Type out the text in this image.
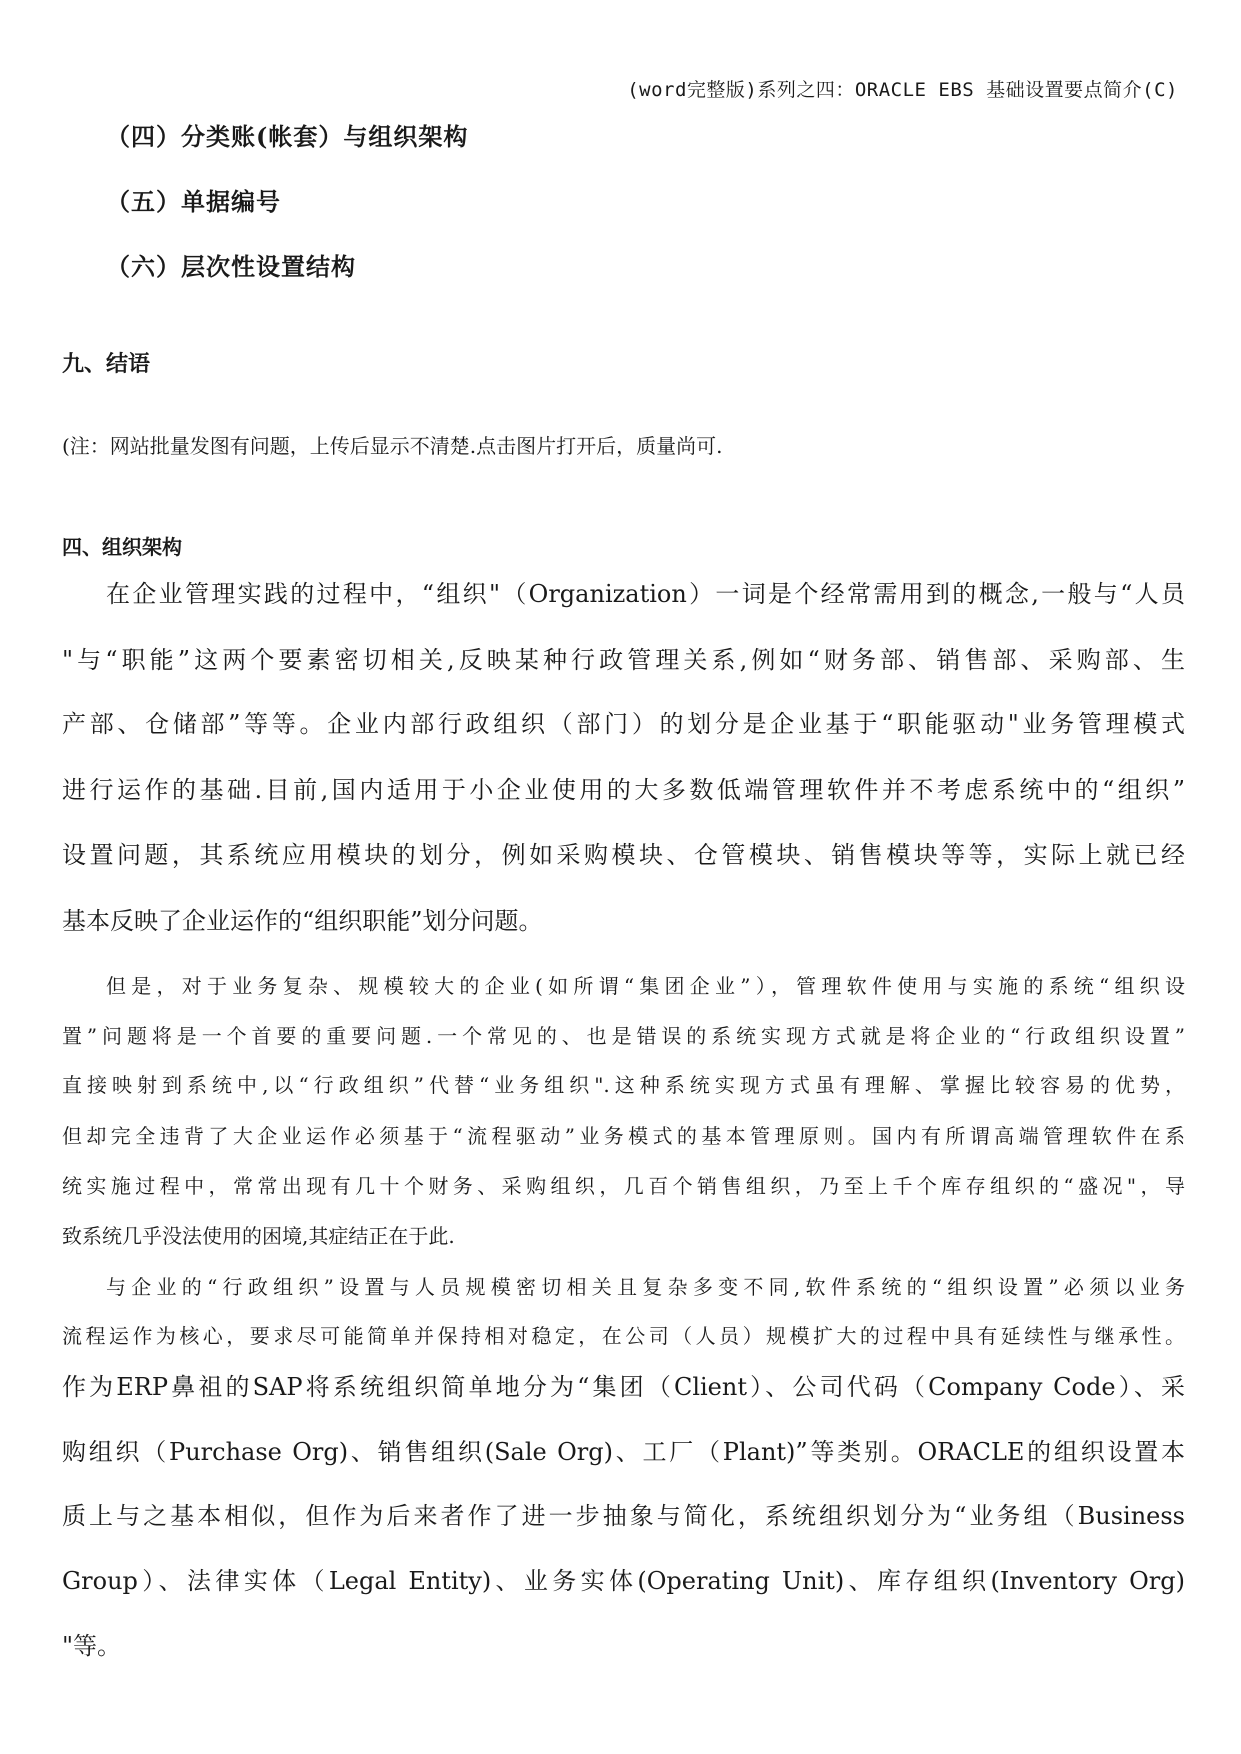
(word完整版)系列之四：ORACLE EBS 基础设置要点简介(C)
（四）分类账(帐套）与组织架构
（五）单据编号
（六）层次性设置结构
九、结语
(注：网站批量发图有问题，上传后显示不清楚.点击图片打开后，质量尚可.
四、组织架构
在企业管理实践的过程中，“组织"（Organization）一词是个经常需用到的概念,一般与“人员
"与“职能”这两个要素密切相关,反映某种行政管理关系,例如“财务部、销售部、采购部、生
产部、仓储部”等等。企业内部行政组织（部门）的划分是企业基于“职能驱动"业务管理模式
进行运作的基础.目前,国内适用于小企业使用的大多数低端管理软件并不考虑系统中的“组织”
设置问题，其系统应用模块的划分，例如采购模块、仓管模块、销售模块等等，实际上就已经
基本反映了企业运作的“组织职能”划分问题。
但是，对于业务复杂、规模较大的企业(如所谓“集团企业”），管理软件使用与实施的系统“组织设
置”问题将是一个首要的重要问题.一个常见的、也是错误的系统实现方式就是将企业的“行政组织设置”
直接映射到系统中,以“行政组织”代替“业务组织".这种系统实现方式虽有理解、掌握比较容易的优势，
但却完全违背了大企业运作必须基于“流程驱动”业务模式的基本管理原则。国内有所谓高端管理软件在系
统实施过程中，常常出现有几十个财务、采购组织，几百个销售组织，乃至上千个库存组织的“盛况"，导
致系统几乎没法使用的困境,其症结正在于此.
与企业的“行政组织”设置与人员规模密切相关且复杂多变不同,软件系统的“组织设置”必须以业务
流程运作为核心，要求尽可能简单并保持相对稳定，在公司（人员）规模扩大的过程中具有延续性与继承性。
作为ERP鼻祖的SAP将系统组织简单地分为“集团（Client）、公司代码（Company Code）、采
购组织（Purchase Org)、销售组织(Sale Org)、工厂（Plant)”等类别。ORACLE的组织设置本
质上与之基本相似，但作为后来者作了进一步抽象与简化，系统组织划分为“业务组（Business
Group）、法律实体（Legal Entity)、业务实体(Operating Unit)、库存组织(Inventory Org)
"等。
